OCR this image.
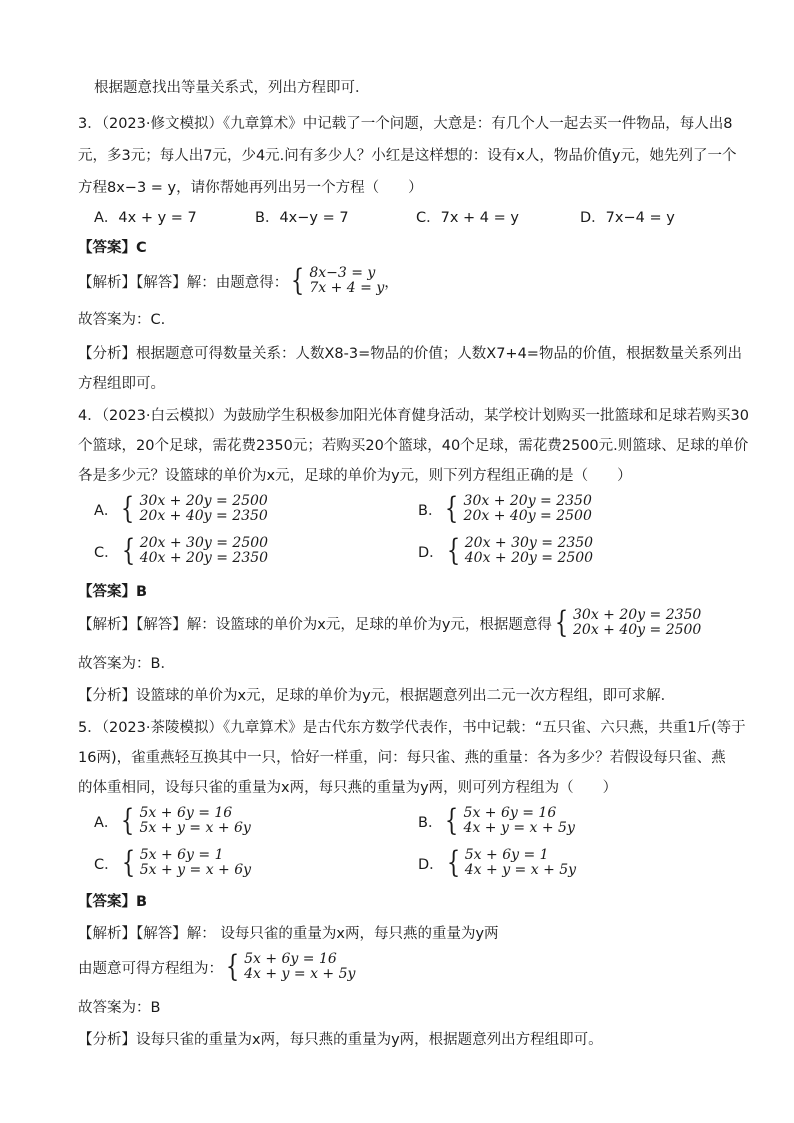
根据题意找出等量关系式，列出方程即可．
3．（2023·修文模拟）《九章算术》中记载了一个问题，大意是：有几个人一起去买一件物品，每人出8
元，多3元；每人出7元，少4元.问有多少人？小红是这样想的：设有x人，物品价值y元，她先列了一个
方程8x−3 = y，请你帮她再列出另一个方程（　　）
A．4x + y = 7	B．4x−y = 7	C．7x + 4 = y	D．7x−4 = y
【答案】C
【解析】【解答】解：由题意得： { 8x−3 = y
7x + 4 = y ，
故答案为：C.
【分析】根据题意可得数量关系：人数X8-3=物品的价值；人数X7+4=物品的价值，根据数量关系列出
方程组即可。
4．（2023·白云模拟）为鼓励学生积极参加阳光体育健身活动，某学校计划购买一批篮球和足球若购买30
个篮球，20个足球，需花费2350元；若购买20个篮球，40个足球，需花费2500元.则篮球、足球的单价
各是多少元？设篮球的单价为x元，足球的单价为y元，则下列方程组正确的是（　　）
A． { 30x + 20y = 2500
20x + 40y = 2350	B． { 30x + 20y = 2350
20x + 40y = 2500
C． { 20x + 30y = 2500
40x + 20y = 2350	D． { 20x + 30y = 2350
40x + 20y = 2500
【答案】B
【解析】【解答】解：设篮球的单价为x元，足球的单价为y元，根据题意得 { 30x + 20y = 2350
20x + 40y = 2500
故答案为：B．
【分析】设篮球的单价为x元，足球的单价为y元，根据题意列出二元一次方程组，即可求解．
5．（2023·茶陵模拟）《九章算术》是古代东方数学代表作，书中记载：“五只雀、六只燕，共重1斤(等于
16两)，雀重燕轻互换其中一只，恰好一样重，问：每只雀、燕的重量：各为多少？若假设每只雀、燕
的体重相同，设每只雀的重量为x两，每只燕的重量为y两，则可列方程组为（　　）
A． { 5x + 6y = 16
5x + y = x + 6y	B． { 5x + 6y = 16
4x + y = x + 5y
C． { 5x + 6y = 1
5x + y = x + 6y	D． { 5x + 6y = 1
4x + y = x + 5y
【答案】B
【解析】【解答】解： 设每只雀的重量为x两，每只燕的重量为y两
由题意可得方程组为： { 5x + 6y = 16
4x + y = x + 5y
故答案为：B
【分析】设每只雀的重量为x两，每只燕的重量为y两，根据题意列出方程组即可。
